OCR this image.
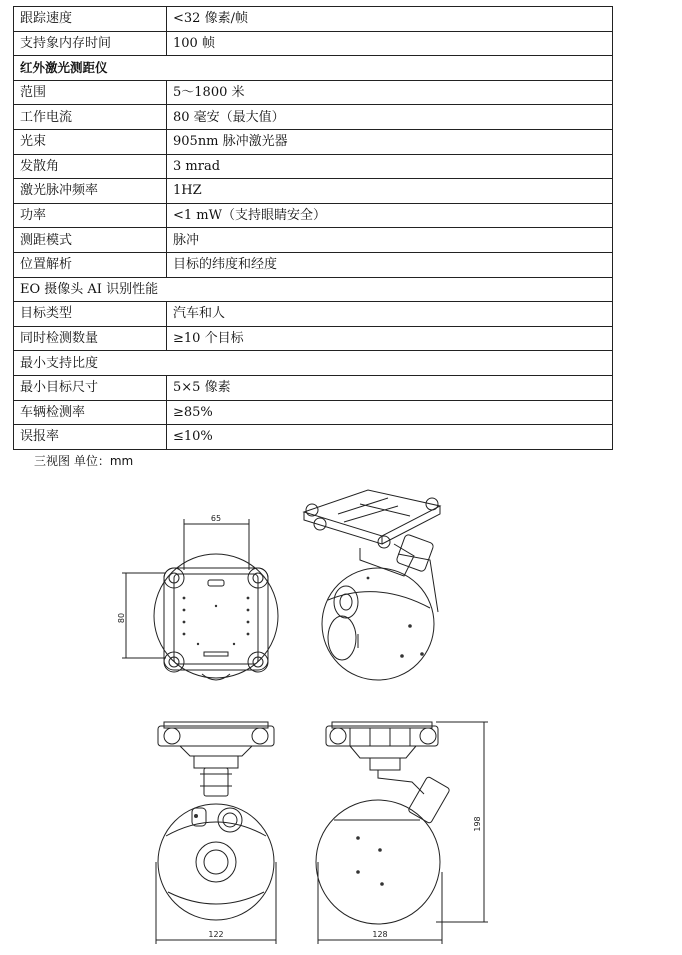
跟踪速度	<32 像素/帧
支持象内存时间	100 帧
红外激光测距仪	
范围	5～1800 米
工作电流	80 毫安（最大值）
光束	905nm 脉冲激光器
发散角	3 mrad
激光脉冲频率	1HZ
功率	<1 mW（支持眼睛安全）
测距模式	脉冲
位置解析	目标的纬度和经度
EO 摄像头 AI 识别性能	
目标类型	汽车和人
同时检测数量	≥10 个目标
最小支持比度	
最小目标尺寸	5×5 像素
车辆检测率	≥85%
误报率	≤10%
三视图 单位：mm
65
80
122	128
198
